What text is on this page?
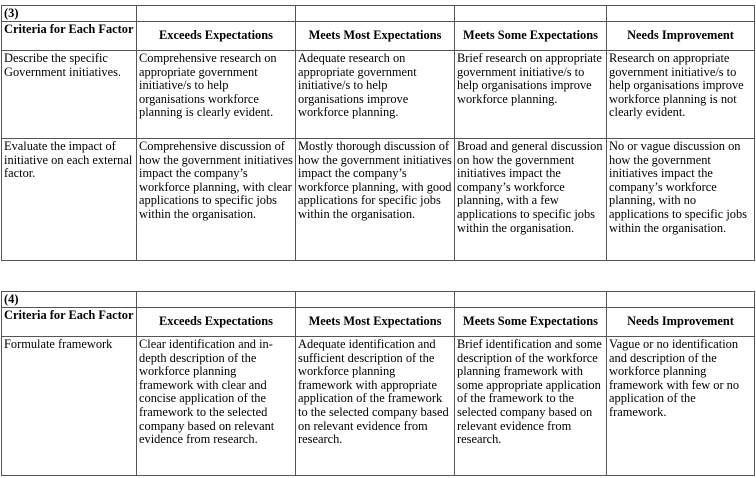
(3)				
Criteria for Each Factor	Exceeds Expectations	Meets Most Expectations	Meets Some Expectations	Needs Improvement
Describe the specific Government initiatives.	Comprehensive research on appropriate government initiative/s to help organisations workforce planning is clearly evident.	Adequate research on appropriate government initiative/s to help organisations improve workforce planning.	Brief research on appropriate government initiative/s to help organisations improve workforce planning.	Research on appropriate government initiative/s to help organisations improve workforce planning is not clearly evident.
Evaluate the impact of initiative on each external factor.	Comprehensive discussion of how the government initiatives impact the company’s workforce planning, with clear applications to specific jobs within the organisation.	Mostly thorough discussion of how the government initiatives impact the company’s workforce planning, with good applications for specific jobs within the organisation.	Broad and general discussion on how the government initiatives impact the company’s workforce planning, with a few applications to specific jobs within the organisation.	No or vague discussion on how the government initiatives impact the company’s workforce planning, with no applications to specific jobs within the organisation.
(4)				
Criteria for Each Factor	Exceeds Expectations	Meets Most Expectations	Meets Some Expectations	Needs Improvement
Formulate framework	Clear identification and in- depth description of the workforce planning framework with clear and concise application of the framework to the selected company based on relevant evidence from research.	Adequate identification and sufficient description of the workforce planning framework with appropriate application of the framework to the selected company based on relevant evidence from research.	Brief identification and some description of the workforce planning framework with some appropriate application of the framework to the selected company based on relevant evidence from research.	Vague or no identification and description of the workforce planning framework with few or no application of the framework.
